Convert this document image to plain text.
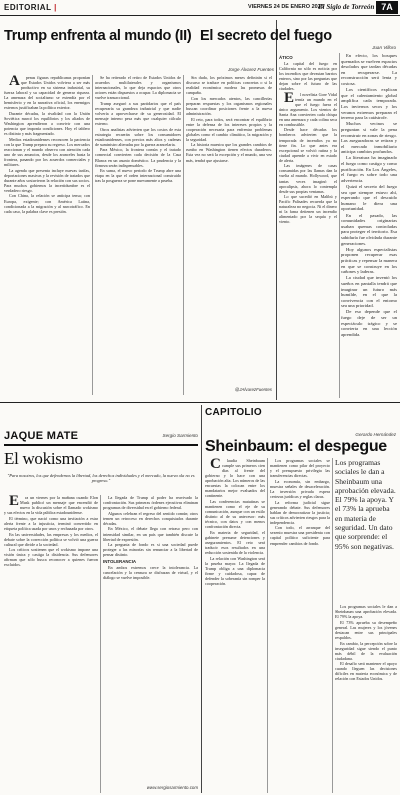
EDITORIAL |	VIERNES 24 DE ENERO 2025
El Siglo de Torreón 7A
Trump enfrenta al mundo (II)
Jorge Álvarez Fuentes

Apenas figuras republicanas proponían que Estados Unidos volviera a ser más productivo en su sistema industrial, su fuerza laboral y su capacidad de generar riqueza. La amenaza del socialismo se extendía por el hemisferio y en la narrativa oficial, los enemigos externos justificaban la política exterior.

Durante décadas, la rivalidad con la Unión Soviética marcó los equilibrios y los aliados de Washington aprendieron a convivir con una potencia que imponía condiciones. Hoy el tablero es distinto y más fragmentado.

Medios estadounidenses reconocen la paciencia con la que Trump prepara su regreso. Los mercados reaccionan y el mundo observa con atención cada uno de sus anuncios, desde los aranceles hasta la frontera, pasando por los acuerdos comerciales y militares.

La agenda que presenta incluye nuevas tarifas, deportaciones masivas y la revisión de tratados que durante años sostuvieron la relación con sus socios. Para muchos gobiernos la incertidumbre es el verdadero riesgo.

Con China, la relación se anticipa tensa; con Europa, exigente; con América Latina, condicionada a la migración y al narcotráfico. En cada caso, la palabra clave es presión.

Se ha reiterado el retiro de Estados Unidos de acuerdos multilaterales y organismos internacionales, lo que deja espacios que otros actores están dispuestos a ocupar. La diplomacia se vuelve transaccional.

Trump aseguró a sus partidarios que el país recuperaría su grandeza industrial y que nadie volvería a aprovecharse de su generosidad. El mensaje interno pesa más que cualquier cálculo externo.

Otros analistas advierten que los costos de esta estrategia recaerán sobre los consumidores estadounidenses, con precios más altos y cadenas de suministro alteradas por la guerra arancelaria.

Para México, la frontera común y el tratado comercial convierten cada decisión de la Casa Blanca en un asunto doméstico. La prudencia y la firmeza serán indispensables.

En suma, el nuevo periodo de Trump abre una etapa en la que el orden internacional construido tras la posguerra se pone nuevamente a prueba.

Sin duda, los próximos meses definirán si el discurso se traduce en políticas concretas o si la realidad económica modera las promesas de campaña.

Con los mercados atentos, las cancillerías preparan respuestas y los organismos regionales buscan coordinar posiciones frente a la nueva administración.

El reto, para todos, será encontrar el equilibrio entre la defensa de los intereses propios y la cooperación necesaria para enfrentar problemas globales como el cambio climático, la migración y la seguridad.

La historia muestra que los grandes cambios de rumbo en Washington tienen efectos duraderos. Esta vez no será la excepción y el mundo, una vez más, tendrá que ajustarse.

@JAlvarezFuentes
El secreto del fuego
Juan Villoro

ÁTICO

La capital del fuego en California no sólo es noticia por los incendios que devastan barrios enteros, sino por las preguntas que dejan sobre el futuro de las ciudades.

El novelista Gore Vidal temía un mundo en el que el fuego fuera el único argumento. Los vientos de Santa Ana convierten cada chispa en una amenaza y cada colina seca en combustible.

Desde hace décadas los bomberos advierten que la temporada de incendios ya no tiene fin. Lo que antes era excepcional se volvió rutina y la ciudad aprende a vivir en estado de alerta.

Las imágenes de casas consumidas por las llamas dan la vuelta al mundo. Hollywood, que tantas veces imaginó el apocalipsis, ahora lo contempla desde sus propias ventanas.

Lo que sucedió en Malibú y Pacific Palisades recuerda que la naturaleza no negocia. Ni el dinero ni la fama detienen un incendio alimentado por la sequía y el viento.

En efecto, los bosques quemados se vuelven espacios desolados que tardan décadas en recuperarse. La reconstrucción será lenta y costosa.

Los científicos explican que el calentamiento global amplifica cada temporada. Los inviernos secos y los veranos extremos preparan el terreno para la catástrofe.

Muchos vecinos se preguntan si vale la pena reconstruir en zonas de riesgo. Las aseguradoras se retiran y el mercado inmobiliario anticipa cambios profundos.

La literatura ha imaginado el fuego como castigo y como purificación. En Los Ángeles, el fuego es sobre todo una advertencia.

Quizá el secreto del fuego sea que siempre estuvo ahí, esperando que el descuido humano le diera una oportunidad.

En el pasado, las comunidades originarias usaban quemas controladas para proteger el territorio. Esa sabiduría fue olvidada durante generaciones.

Hoy algunos especialistas proponen recuperar esas prácticas y repensar la manera en que se construye en los cañones y laderas.

La ciudad que inventó los sueños en pantalla tendrá que imaginar un futuro más humilde, en el que la convivencia con el entorno sea una prioridad.

De eso depende que el fuego deje de ser un espectáculo trágico y se convierta en una lección aprendida.

CAPITOLIO
Gerardo Hernández
Sheinbaum: el despegue

Claudia Sheinbaum cumple sus primeros cien días al frente del gobierno y lo hace con una aprobación alta. Los números de las encuestas la colocan entre los mandatarios mejor evaluados del continente.

Las conferencias matutinas se mantienen como el eje de su comunicación, aunque con un estilo distinto al de su antecesor: más técnico, con datos y con menos confrontación directa.

En materia de seguridad, el gabinete presume detenciones y aseguramientos. El reto será traducir esos resultados en una reducción sostenida de la violencia.

La relación con Washington será la prueba mayor. La llegada de Trump obliga a una diplomacia firme y cuidadosa, capaz de defender la soberanía sin romper la cooperación.

Los programas sociales se mantienen como pilar del proyecto y el presupuesto privilegia las transferencias directas.

La economía, sin embargo, muestra señales de desaceleración. La inversión privada espera certezas jurídicas y reglas claras.

La reforma judicial sigue generando debate. Sus defensores hablan de democratizar la justicia; sus críticos advierten riesgos para la independencia.

Con todo, el arranque del sexenio muestra una presidenta con capital político suficiente para emprender cambios de fondo.

Los programas sociales le dan a Sheinbaum una aprobación elevada. El 79% la apoya. Y el 73% la aprueba en materia de seguridad. Un dato que sorprende: el 95% son negativas.

Los programas sociales le dan a Sheinbaum una aprobación elevada. El 79% la apoya.

El 73% aprueba su desempeño general. Las mujeres y los jóvenes destacan entre sus principales respaldos.

En cambio, la percepción sobre la inseguridad sigue siendo el punto más débil de la evaluación ciudadana.

El desafío será mantener el apoyo cuando lleguen las decisiones difíciles en materia económica y de relación con Estados Unidos.

JAQUE MATE	Sergio Sarmiento
El wokismo

"Para nosotros, los que defendemos la libertad, los derechos individuales y el mercado, la nueva ola no es progreso."

Era un viernes por la mañana cuando Elon Musk publicó un mensaje que encendió de nuevo la discusión sobre el llamado wokismo y sus efectos en la vida pública estadounidense.

El término, que nació como una invitación a estar alerta frente a la injusticia, terminó convertido en etiqueta política usada por unos y rechazada por otros.

En las universidades, las empresas y los medios, el debate sobre la corrección política se volvió una guerra cultural que divide a la sociedad.

Los críticos sostienen que el wokismo impone una visión única y castiga la disidencia. Sus defensores afirman que sólo busca reconocer a quienes fueron excluidos.

La llegada de Trump al poder ha reavivado la confrontación. Sus primeras órdenes ejecutivas eliminan programas de diversidad en el gobierno federal.

Algunos celebran el regreso del sentido común; otros temen un retroceso en derechos conquistados durante décadas.

En México, el debate llega con retraso pero con intensidad similar, en un país que también discute la libertad de expresión.

La pregunta de fondo es si una sociedad puede proteger a las minorías sin renunciar a la libertad de pensar distinto.

INTOLERANCIA

En ambos extremos crece la intolerancia. La cancelación y la censura se disfrazan de virtud, y el diálogo se vuelve imposible.

www.sergiosarmiento.com
